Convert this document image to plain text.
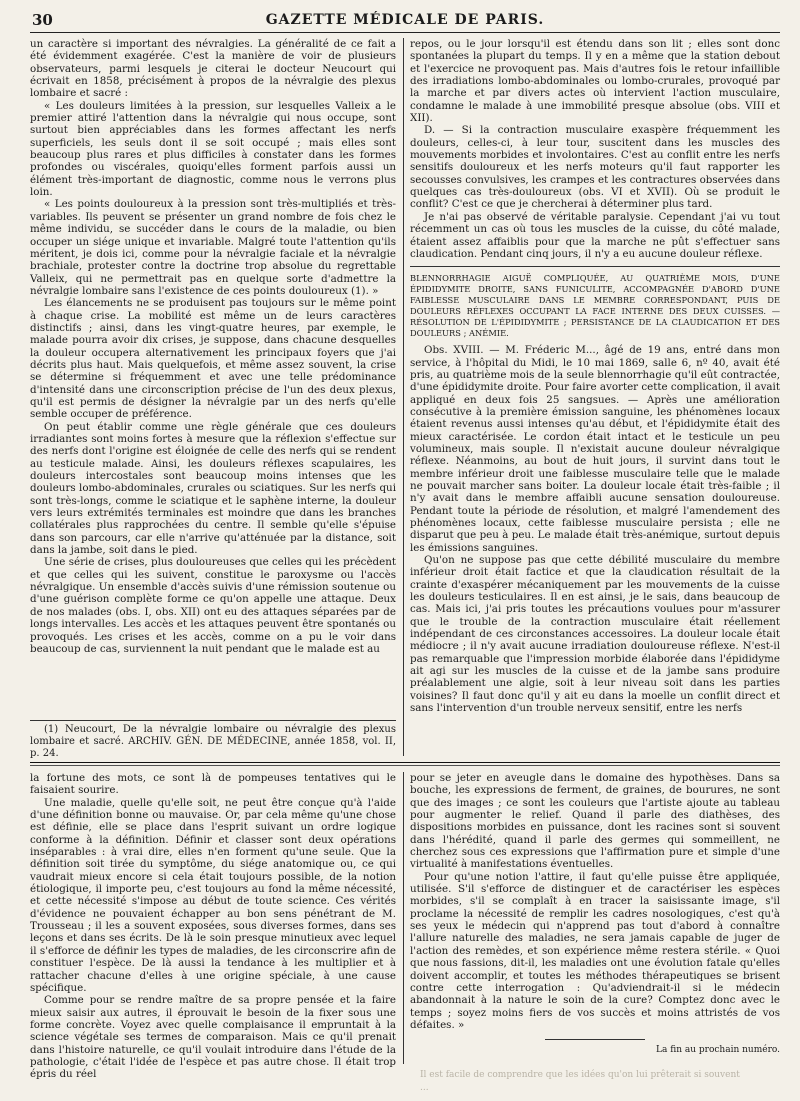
30	GAZETTE MÉDICALE DE PARIS.

un caractère si important des névralgies. La généralité de ce fait a été évidemment exagérée. C'est la manière de voir de plusieurs observateurs, parmi lesquels je citerai le docteur Neucourt qui écrivait en 1858, précisément à propos de la névralgie des plexus lombaire et sacré :

« Les douleurs limitées à la pression, sur lesquelles Valleix a le premier attiré l'attention dans la névralgie qui nous occupe, sont surtout bien appréciables dans les formes affectant les nerfs superficiels, les seuls dont il se soit occupé ; mais elles sont beaucoup plus rares et plus difficiles à constater dans les formes profondes ou viscérales, quoiqu'elles forment parfois aussi un élément très-important de diagnostic, comme nous le verrons plus loin.

« Les points douloureux à la pression sont très-multipliés et très-variables. Ils peuvent se présenter un grand nombre de fois chez le même individu, se succéder dans le cours de la maladie, ou bien occuper un siége unique et invariable. Malgré toute l'attention qu'ils méritent, je dois ici, comme pour la névralgie faciale et la névralgie brachiale, protester contre la doctrine trop absolue du regrettable Valleix, qui ne permettrait pas en quelque sorte d'admettre la névralgie lombaire sans l'existence de ces points douloureux (1). »

Les élancements ne se produisent pas toujours sur le même point à chaque crise. La mobilité est même un de leurs caractères distinctifs ; ainsi, dans les vingt-quatre heures, par exemple, le malade pourra avoir dix crises, je suppose, dans chacune desquelles la douleur occupera alternativement les principaux foyers que j'ai décrits plus haut. Mais quelquefois, et même assez souvent, la crise se détermine si fréquemment et avec une telle prédominance d'intensité dans une circonscription précise de l'un des deux plexus, qu'il est permis de désigner la névralgie par un des nerfs qu'elle semble occuper de préférence.

On peut établir comme une règle générale que ces douleurs irradiantes sont moins fortes à mesure que la réflexion s'effectue sur des nerfs dont l'origine est éloignée de celle des nerfs qui se rendent au testicule malade. Ainsi, les douleurs réflexes scapulaires, les douleurs intercostales sont beaucoup moins intenses que les douleurs lombo-abdominales, crurales ou sciatiques. Sur les nerfs qui sont très-longs, comme le sciatique et le saphène interne, la douleur vers leurs extrémités terminales est moindre que dans les branches collatérales plus rapprochées du centre. Il semble qu'elle s'épuise dans son parcours, car elle n'arrive qu'atténuée par la distance, soit dans la jambe, soit dans le pied.

Une série de crises, plus douloureuses que celles qui les précèdent et que celles qui les suivent, constitue le paroxysme ou l'accès névralgique. Un ensemble d'accès suivis d'une rémission soutenue ou d'une guérison complète forme ce qu'on appelle une attaque. Deux de nos malades (obs. I, obs. XII) ont eu des attaques séparées par de longs intervalles. Les accès et les attaques peuvent être spontanés ou provoqués. Les crises et les accès, comme on a pu le voir dans beaucoup de cas, surviennent la nuit pendant que le malade est au

(1) Neucourt, De la névralgie lombaire ou névralgie des plexus lombaire et sacré. ARCHIV. GÉN. DE MÉDECINE, année 1858, vol. II, p. 24.

repos, ou le jour lorsqu'il est étendu dans son lit ; elles sont donc spontanées la plupart du temps. Il y en a même que la station debout et l'exercice ne provoquent pas. Mais d'autres fois le retour infaillible des irradiations lombo-abdominales ou lombo-crurales, provoqué par la marche et par divers actes où intervient l'action musculaire, condamne le malade à une immobilité presque absolue (obs. VIII et XII).

D. — Si la contraction musculaire exaspère fréquemment les douleurs, celles-ci, à leur tour, suscitent dans les muscles des mouvements morbides et involontaires. C'est au conflit entre les nerfs sensitifs douloureux et les nerfs moteurs qu'il faut rapporter les secousses convulsives, les crampes et les contractures observées dans quelques cas très-douloureux (obs. VI et XVII). Où se produit le conflit? C'est ce que je chercherai à déterminer plus tard.

Je n'ai pas observé de véritable paralysie. Cependant j'ai vu tout récemment un cas où tous les muscles de la cuisse, du côté malade, étaient assez affaiblis pour que la marche ne pût s'effectuer sans claudication. Pendant cinq jours, il n'y a eu aucune douleur réflexe.

BLENNORRHAGIE AIGUË COMPLIQUÉE, AU QUATRIÈME MOIS, D'UNE ÉPIDIDYMITE DROITE, SANS FUNICULITE, ACCOMPAGNÉE D'ABORD D'UNE FAIBLESSE MUSCULAIRE DANS LE MEMBRE CORRESPONDANT, PUIS DE DOULEURS RÉFLEXES OCCUPANT LA FACE INTERNE DES DEUX CUISSES. — RÉSOLUTION DE L'ÉPIDIDYMITE ; PERSISTANCE DE LA CLAUDICATION ET DES DOULEURS ; ANÉMIE.

Obs. XVIII. — M. Fréderic M..., âgé de 19 ans, entré dans mon service, à l'hôpital du Midi, le 10 mai 1869, salle 6, nº 40, avait été pris, au quatrième mois de la seule blennorrhagie qu'il eût contractée, d'une épididymite droite. Pour faire avorter cette complication, il avait appliqué en deux fois 25 sangsues. — Après une amélioration consécutive à la première émission sanguine, les phénomènes locaux étaient revenus aussi intenses qu'au début, et l'épididymite était des mieux caractérisée. Le cordon était intact et le testicule un peu volumineux, mais souple. Il n'existait aucune douleur névralgique réflexe. Néanmoins, au bout de huit jours, il survint dans tout le membre inférieur droit une faiblesse musculaire telle que le malade ne pouvait marcher sans boiter. La douleur locale était très-faible ; il n'y avait dans le membre affaibli aucune sensation douloureuse. Pendant toute la période de résolution, et malgré l'amendement des phénomènes locaux, cette faiblesse musculaire persista ; elle ne disparut que peu à peu. Le malade était très-anémique, surtout depuis les émissions sanguines.

Qu'on ne suppose pas que cette débilité musculaire du membre inférieur droit était factice et que la claudication résultait de la crainte d'exaspérer mécaniquement par les mouvements de la cuisse les douleurs testiculaires. Il en est ainsi, je le sais, dans beaucoup de cas. Mais ici, j'ai pris toutes les précautions voulues pour m'assurer que le trouble de la contraction musculaire était réellement indépendant de ces circonstances accessoires. La douleur locale était médiocre ; il n'y avait aucune irradiation douloureuse réflexe. N'est-il pas remarquable que l'impression morbide élaborée dans l'épididyme ait agi sur les muscles de la cuisse et de la jambe sans produire préalablement une algie, soit à leur niveau soit dans les parties voisines? Il faut donc qu'il y ait eu dans la moelle un conflit direct et sans l'intervention d'un trouble nerveux sensitif, entre les nerfs

la fortune des mots, ce sont là de pompeuses tentatives qui le faisaient sourire.

Une maladie, quelle qu'elle soit, ne peut être conçue qu'à l'aide d'une définition bonne ou mauvaise. Or, par cela même qu'une chose est définie, elle se place dans l'esprit suivant un ordre logique conforme à la définition. Définir et classer sont deux opérations inséparables : à vrai dire, elles n'en forment qu'une seule. Que la définition soit tirée du symptôme, du siége anatomique ou, ce qui vaudrait mieux encore si cela était toujours possible, de la notion étiologique, il importe peu, c'est toujours au fond la même nécessité, et cette nécessité s'impose au début de toute science. Ces vérités d'évidence ne pouvaient échapper au bon sens pénétrant de M. Trousseau ; il les a souvent exposées, sous diverses formes, dans ses leçons et dans ses écrits. De là le soin presque minutieux avec lequel il s'efforce de définir les types de maladies, de les circonscrire afin de constituer l'espèce. De là aussi la tendance à les multiplier et à rattacher chacune d'elles à une origine spéciale, à une cause spécifique.

Comme pour se rendre maître de sa propre pensée et la faire mieux saisir aux autres, il éprouvait le besoin de la fixer sous une forme concrète. Voyez avec quelle complaisance il empruntait à la science végétale ses termes de comparaison. Mais ce qu'il prenait dans l'histoire naturelle, ce qu'il voulait introduire dans l'étude de la pathologie, c'était l'idée de l'espèce et pas autre chose. Il était trop épris du réel

pour se jeter en aveugle dans le domaine des hypothèses. Dans sa bouche, les expressions de ferment, de graines, de bourures, ne sont que des images ; ce sont les couleurs que l'artiste ajoute au tableau pour augmenter le relief. Quand il parle des diathèses, des dispositions morbides en puissance, dont les racines sont si souvent dans l'hérédité, quand il parle des germes qui sommeillent, ne cherchez sous ces expressions que l'affirmation pure et simple d'une virtualité à manifestations éventuelles.

Pour qu'une notion l'attire, il faut qu'elle puisse être appliquée, utilisée. S'il s'efforce de distinguer et de caractériser les espèces morbides, s'il se complaît à en tracer la saisissante image, s'il proclame la nécessité de remplir les cadres nosologiques, c'est qu'à ses yeux le médecin qui n'apprend pas tout d'abord à connaître l'allure naturelle des maladies, ne sera jamais capable de juger de l'action des remèdes, et son expérience même restera stérile. « Quoi que nous fassions, dit-il, les maladies ont une évolution fatale qu'elles doivent accomplir, et toutes les méthodes thérapeutiques se brisent contre cette interrogation : Qu'adviendrait-il si le médecin abandonnait à la nature le soin de la cure? Comptez donc avec le temps ; soyez moins fiers de vos succès et moins attristés de vos défaites. »

La fin au prochain numéro.

Il est facile de comprendre que les idées qu'on lui prêterait si souvent
...
